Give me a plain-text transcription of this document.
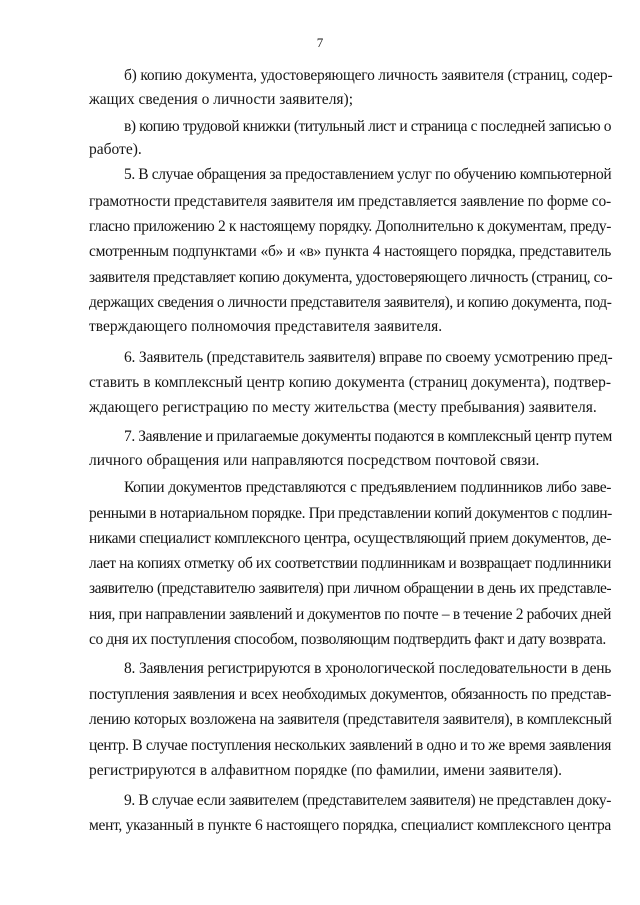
7

б) копию документа, удостоверяющего личность заявителя (страниц, содер-

жащих сведения о личности заявителя);

в) копию трудовой книжки (титульный лист и страница с последней записью о

работе).

5. В случае обращения за предоставлением услуг по обучению компьютерной

грамотности представителя заявителя им представляется заявление по форме со-

гласно приложению 2 к настоящему порядку. Дополнительно к документам, преду-

смотренным подпунктами «б» и «в» пункта 4 настоящего порядка, представитель

заявителя представляет копию документа, удостоверяющего личность (страниц, со-

держащих сведения о личности представителя заявителя), и копию документа, под-

тверждающего полномочия представителя заявителя.

6. Заявитель (представитель заявителя) вправе по своему усмотрению пред-

ставить в комплексный центр копию документа (страниц документа), подтвер-

ждающего регистрацию по месту жительства (месту пребывания) заявителя.

7. Заявление и прилагаемые документы подаются в комплексный центр путем

личного обращения или направляются посредством почтовой связи.

Копии документов представляются с предъявлением подлинников либо заве-

ренными в нотариальном порядке. При представлении копий документов с подлин-

никами специалист комплексного центра, осуществляющий прием документов, де-

лает на копиях отметку об их соответствии подлинникам и возвращает подлинники

заявителю (представителю заявителя) при личном обращении в день их представле-

ния, при направлении заявлений и документов по почте – в течение 2 рабочих дней

со дня их поступления способом, позволяющим подтвердить факт и дату возврата.

8. Заявления регистрируются в хронологической последовательности в день

поступления заявления и всех необходимых документов, обязанность по представ-

лению которых возложена на заявителя (представителя заявителя), в комплексный

центр. В случае поступления нескольких заявлений в одно и то же время заявления

регистрируются в алфавитном порядке (по фамилии, имени заявителя).

9. В случае если заявителем (представителем заявителя) не представлен доку-

мент, указанный в пункте 6 настоящего порядка, специалист комплексного центра
